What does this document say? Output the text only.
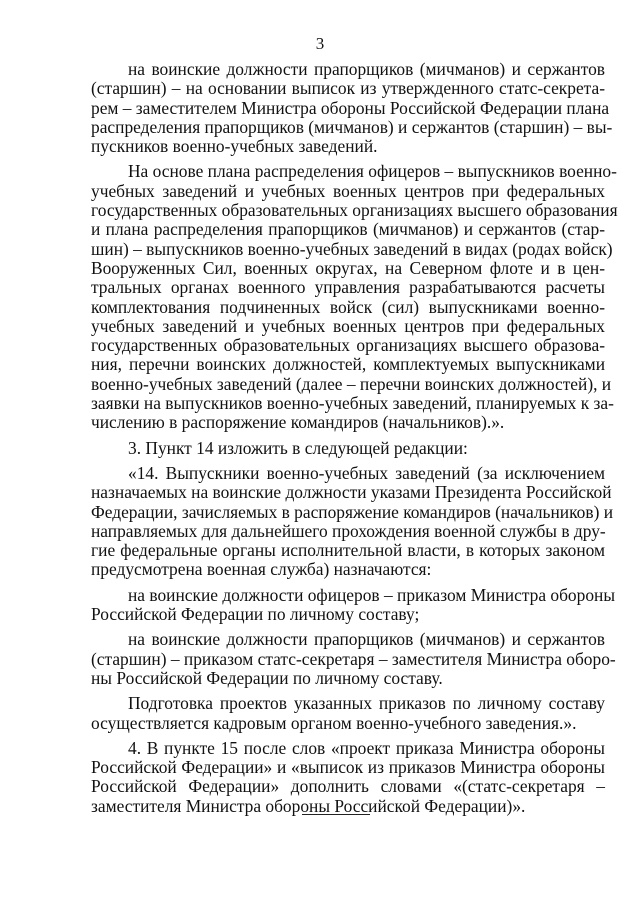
3
на воинские должности прапорщиков (мичманов) и сержантов
(старшин) – на основании выписок из утвержденного статс-секрета-
рем – заместителем Министра обороны Российской Федерации плана
распределения прапорщиков (мичманов) и сержантов (старшин) – вы-
пускников военно-учебных заведений.
На основе плана распределения офицеров – выпускников военно-
учебных заведений и учебных военных центров при федеральных
государственных образовательных организациях высшего образования
и плана распределения прапорщиков (мичманов) и сержантов (стар-
шин) – выпускников военно-учебных заведений в видах (родах войск)
Вооруженных Сил, военных округах, на Северном флоте и в цен-
тральных органах военного управления разрабатываются расчеты
комплектования подчиненных войск (сил) выпускниками военно-
учебных заведений и учебных военных центров при федеральных
государственных образовательных организациях высшего образова-
ния, перечни воинских должностей, комплектуемых выпускниками
военно-учебных заведений (далее – перечни воинских должностей), и
заявки на выпускников военно-учебных заведений, планируемых к за-
числению в распоряжение командиров (начальников).».
3. Пункт 14 изложить в следующей редакции:
«14. Выпускники военно-учебных заведений (за исключением
назначаемых на воинские должности указами Президента Российской
Федерации, зачисляемых в распоряжение командиров (начальников) и
направляемых для дальнейшего прохождения военной службы в дру-
гие федеральные органы исполнительной власти, в которых законом
предусмотрена военная служба) назначаются:
на воинские должности офицеров – приказом Министра обороны
Российской Федерации по личному составу;
на воинские должности прапорщиков (мичманов) и сержантов
(старшин) – приказом статс-секретаря – заместителя Министра оборо-
ны Российской Федерации по личному составу.
Подготовка проектов указанных приказов по личному составу
осуществляется кадровым органом военно-учебного заведения.».
4. В пункте 15 после слов «проект приказа Министра обороны
Российской Федерации» и «выписок из приказов Министра обороны
Российской Федерации» дополнить словами «(статс-секретаря –
заместителя Министра обороны Российской Федерации)».
